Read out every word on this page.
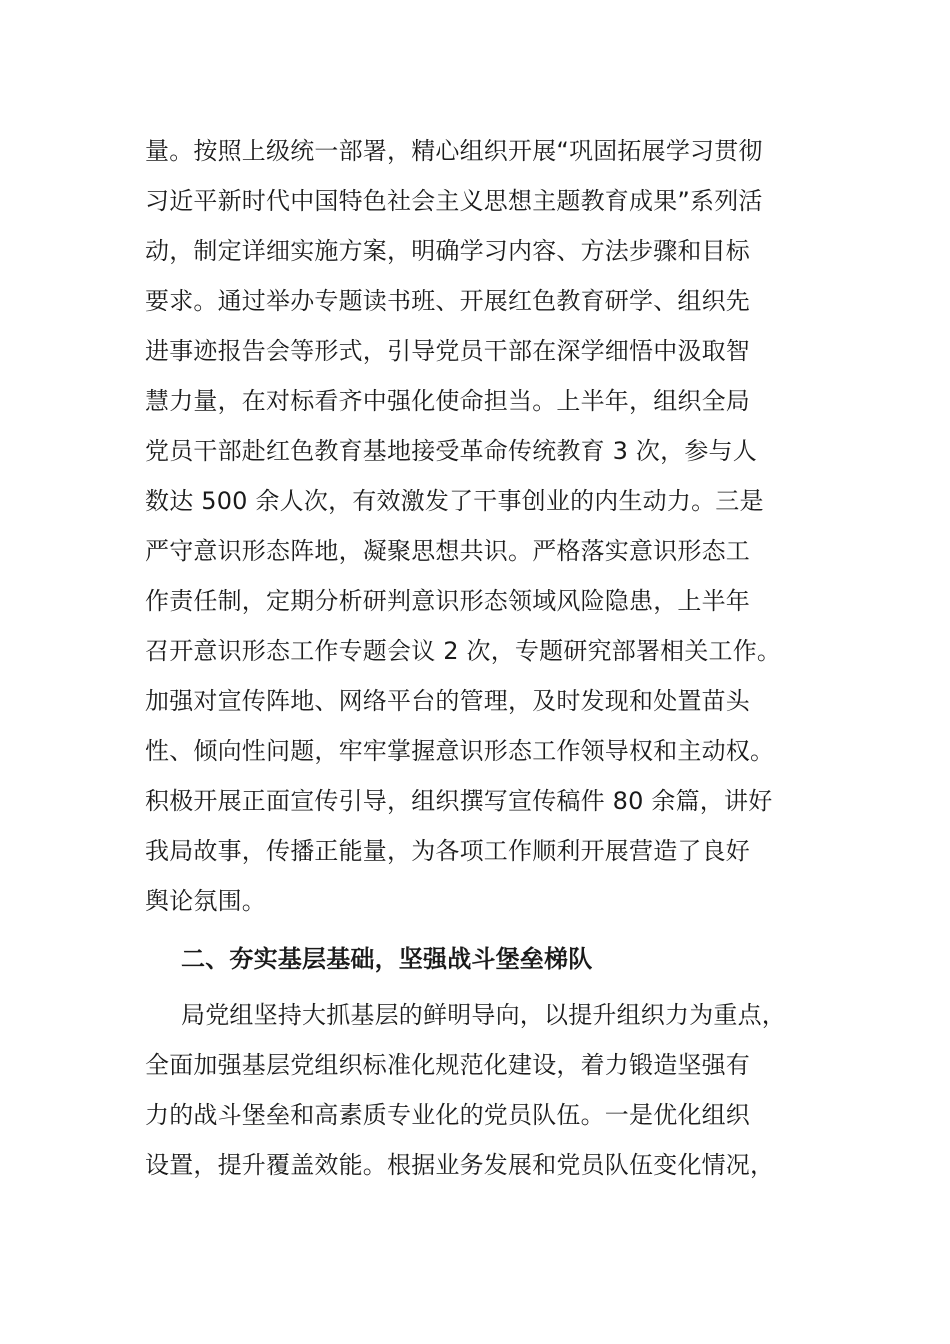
量。按照上级统一部署，精心组织开展“巩固拓展学习贯彻
习近平新时代中国特色社会主义思想主题教育成果”系列活
动，制定详细实施方案，明确学习内容、方法步骤和目标
要求。通过举办专题读书班、开展红色教育研学、组织先
进事迹报告会等形式，引导党员干部在深学细悟中汲取智
慧力量，在对标看齐中强化使命担当。上半年，组织全局
党员干部赴红色教育基地接受革命传统教育 3 次，参与人
数达 500 余人次，有效激发了干事创业的内生动力。三是
严守意识形态阵地，凝聚思想共识。严格落实意识形态工
作责任制，定期分析研判意识形态领域风险隐患，上半年
召开意识形态工作专题会议 2 次，专题研究部署相关工作。
加强对宣传阵地、网络平台的管理，及时发现和处置苗头
性、倾向性问题，牢牢掌握意识形态工作领导权和主动权。
积极开展正面宣传引导，组织撰写宣传稿件 80 余篇，讲好
我局故事，传播正能量，为各项工作顺利开展营造了良好
舆论氛围。
二、夯实基层基础，坚强战斗堡垒梯队
局党组坚持大抓基层的鲜明导向，以提升组织力为重点，
全面加强基层党组织标准化规范化建设，着力锻造坚强有
力的战斗堡垒和高素质专业化的党员队伍。一是优化组织
设置，提升覆盖效能。根据业务发展和党员队伍变化情况，
